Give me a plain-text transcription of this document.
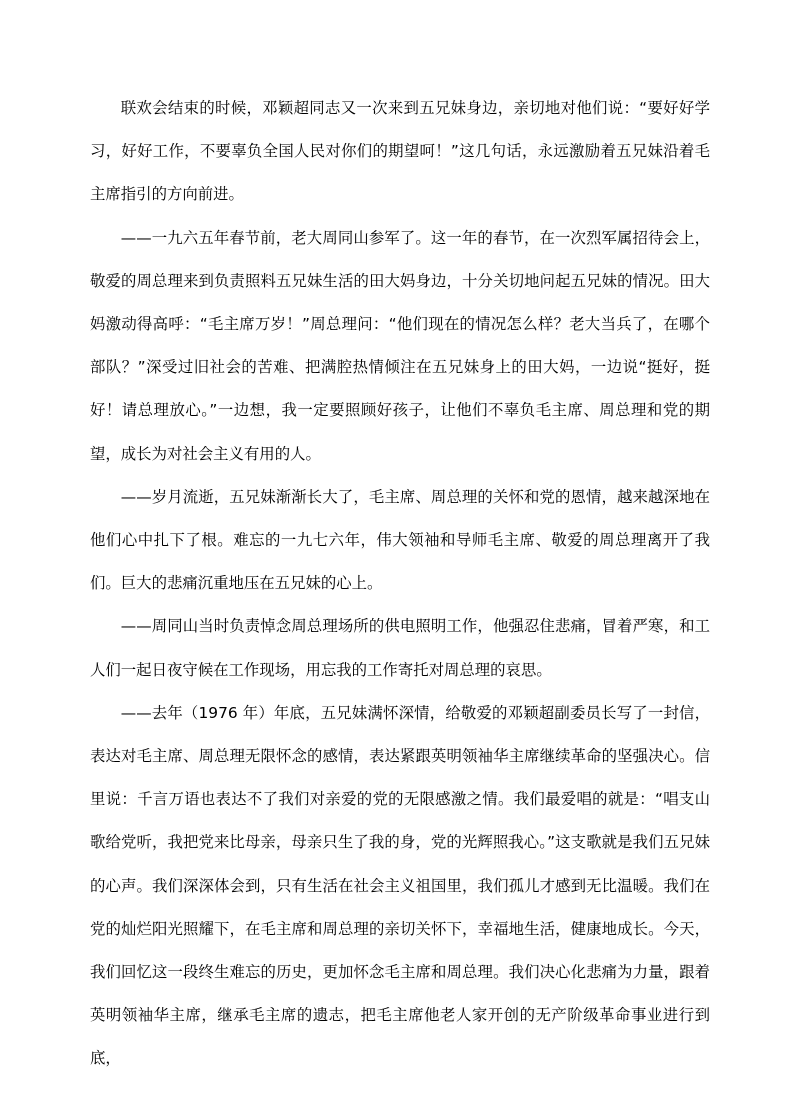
联欢会结束的时候，邓颖超同志又一次来到五兄妹身边，亲切地对他们说：“要好好学习，好好工作，不要辜负全国人民对你们的期望呵！”这几句话，永远激励着五兄妹沿着毛主席指引的方向前进。

——一九六五年春节前，老大周同山参军了。这一年的春节，在一次烈军属招待会上，敬爱的周总理来到负责照料五兄妹生活的田大妈身边，十分关切地问起五兄妹的情况。田大妈激动得高呼：“毛主席万岁！”周总理问：“他们现在的情况怎么样？老大当兵了，在哪个部队？”深受过旧社会的苦难、把满腔热情倾注在五兄妹身上的田大妈，一边说“挺好，挺好！请总理放心。”一边想，我一定要照顾好孩子，让他们不辜负毛主席、周总理和党的期望，成长为对社会主义有用的人。

——岁月流逝，五兄妹渐渐长大了，毛主席、周总理的关怀和党的恩情，越来越深地在他们心中扎下了根。难忘的一九七六年，伟大领袖和导师毛主席、敬爱的周总理离开了我们。巨大的悲痛沉重地压在五兄妹的心上。

——周同山当时负责悼念周总理场所的供电照明工作，他强忍住悲痛，冒着严寒，和工人们一起日夜守候在工作现场，用忘我的工作寄托对周总理的哀思。

——去年（1976 年）年底，五兄妹满怀深情，给敬爱的邓颖超副委员长写了一封信，表达对毛主席、周总理无限怀念的感情，表达紧跟英明领袖华主席继续革命的坚强决心。信里说：千言万语也表达不了我们对亲爱的党的无限感激之情。我们最爱唱的就是：“唱支山歌给党听，我把党来比母亲，母亲只生了我的身，党的光辉照我心。”这支歌就是我们五兄妹的心声。我们深深体会到，只有生活在社会主义祖国里，我们孤儿才感到无比温暖。我们在党的灿烂阳光照耀下，在毛主席和周总理的亲切关怀下，幸福地生活，健康地成长。今天，我们回忆这一段终生难忘的历史，更加怀念毛主席和周总理。我们决心化悲痛为力量，跟着英明领袖华主席，继承毛主席的遗志，把毛主席他老人家开创的无产阶级革命事业进行到底，
